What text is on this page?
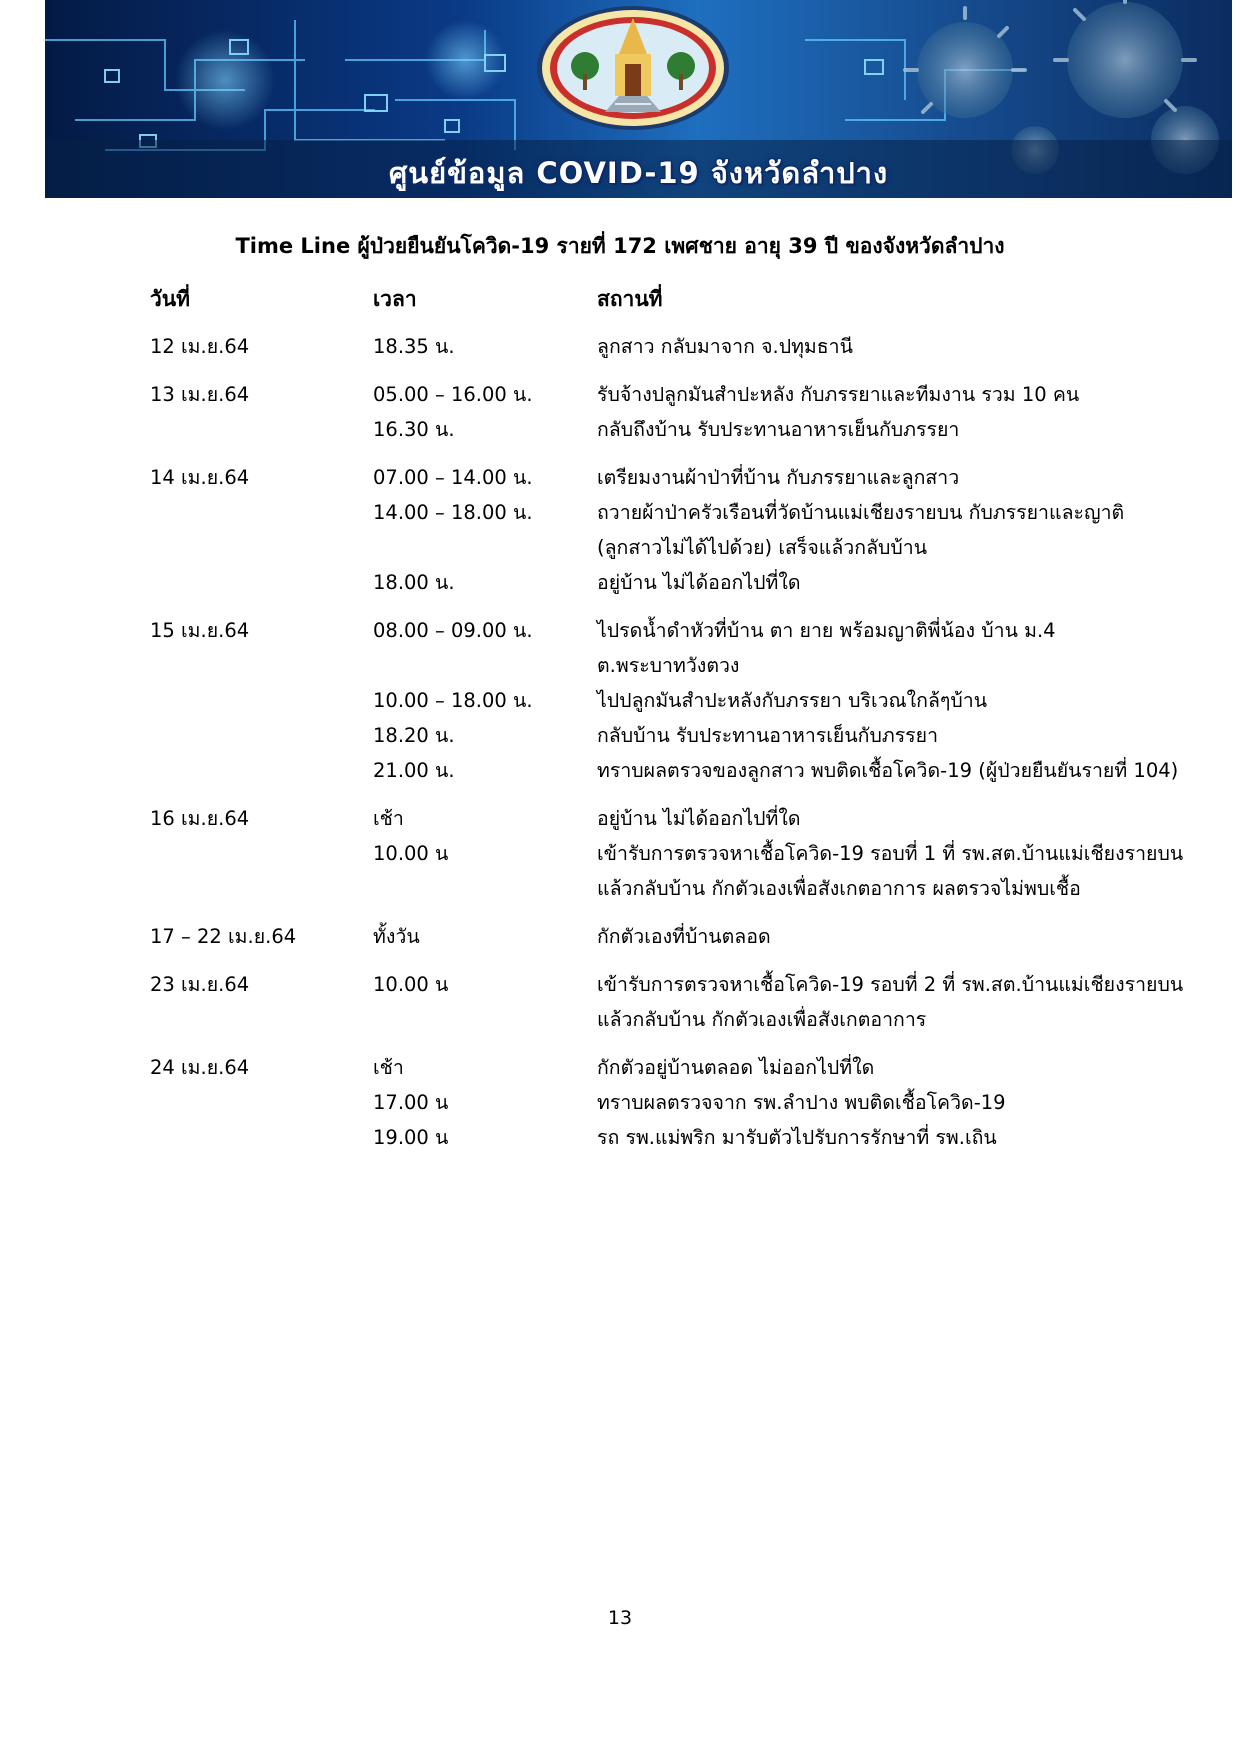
ศูนย์ข้อมูล COVID-19 จังหวัดลำปาง
Time Line ผู้ป่วยยืนยันโควิด-19 รายที่ 172 เพศชาย อายุ 39 ปี ของจังหวัดลำปาง
วันที่	เวลา	สถานที่
12 เม.ย.64	18.35 น.	ลูกสาว กลับมาจาก จ.ปทุมธานี
13 เม.ย.64	05.00 – 16.00 น.	รับจ้างปลูกมันสำปะหลัง กับภรรยาและทีมงาน รวม 10 คน
16.30 น.	กลับถึงบ้าน รับประทานอาหารเย็นกับภรรยา
14 เม.ย.64	07.00 – 14.00 น.	เตรียมงานผ้าป่าที่บ้าน กับภรรยาและลูกสาว
14.00 – 18.00 น.	ถวายผ้าป่าครัวเรือนที่วัดบ้านแม่เชียงรายบน กับภรรยาและญาติ
(ลูกสาวไม่ได้ไปด้วย) เสร็จแล้วกลับบ้าน
18.00 น.	อยู่บ้าน ไม่ได้ออกไปที่ใด
15 เม.ย.64	08.00 – 09.00 น.	ไปรดน้ำดำหัวที่บ้าน ตา ยาย พร้อมญาติพี่น้อง บ้าน ม.4
ต.พระบาทวังตวง
10.00 – 18.00 น.	ไปปลูกมันสำปะหลังกับภรรยา บริเวณใกล้ๆบ้าน
18.20 น.	กลับบ้าน รับประทานอาหารเย็นกับภรรยา
21.00 น.	ทราบผลตรวจของลูกสาว พบติดเชื้อโควิด-19 (ผู้ป่วยยืนยันรายที่ 104)
16 เม.ย.64	เช้า	อยู่บ้าน ไม่ได้ออกไปที่ใด
10.00 น	เข้ารับการตรวจหาเชื้อโควิด-19 รอบที่ 1 ที่ รพ.สต.บ้านแม่เชียงรายบน
แล้วกลับบ้าน กักตัวเองเพื่อสังเกตอาการ ผลตรวจไม่พบเชื้อ
17 – 22 เม.ย.64	ทั้งวัน	กักตัวเองที่บ้านตลอด
23 เม.ย.64	10.00 น	เข้ารับการตรวจหาเชื้อโควิด-19 รอบที่ 2 ที่ รพ.สต.บ้านแม่เชียงรายบน
แล้วกลับบ้าน กักตัวเองเพื่อสังเกตอาการ
24 เม.ย.64	เช้า	กักตัวอยู่บ้านตลอด ไม่ออกไปที่ใด
17.00 น	ทราบผลตรวจจาก รพ.ลำปาง พบติดเชื้อโควิด-19
19.00 น	รถ รพ.แม่พริก มารับตัวไปรับการรักษาที่ รพ.เถิน
13
